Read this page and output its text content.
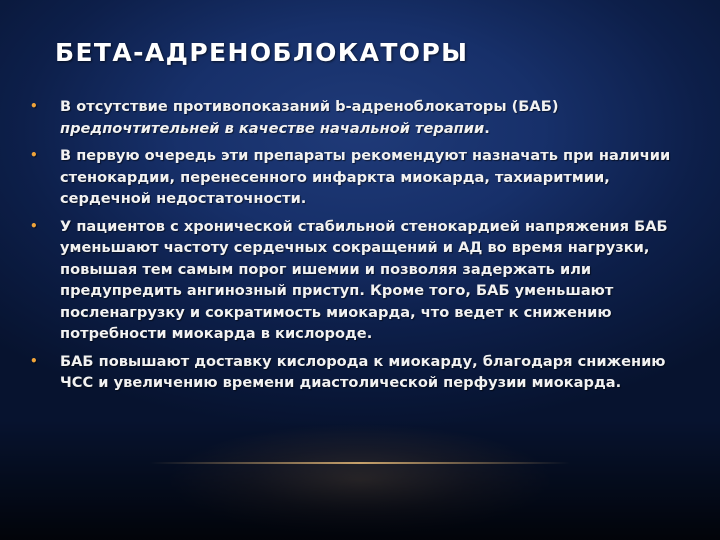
БЕТА-АДРЕНОБЛОКАТОРЫ
•	В отсутствие противопоказаний b-адреноблокаторы (БАБ) предпочтительней в качестве начальной терапии.
•	В первую очередь эти препараты рекомендуют назначать при наличии стенокардии, перенесенного инфаркта миокарда, тахиаритмии, сердечной недостаточности.
•	У пациентов с хронической стабильной стенокардией напряжения БАБ уменьшают частоту сердечных сокращений и АД во время нагрузки, повышая тем самым порог ишемии и позволяя задержать или предупредить ангинозный приступ. Кроме того, БАБ уменьшают посленагрузку и сократимость миокарда, что ведет к снижению потребности миокарда в кислороде.
•	БАБ повышают доставку кислорода к миокарду, благодаря снижению ЧСС и увеличению времени диастолической перфузии миокарда.
